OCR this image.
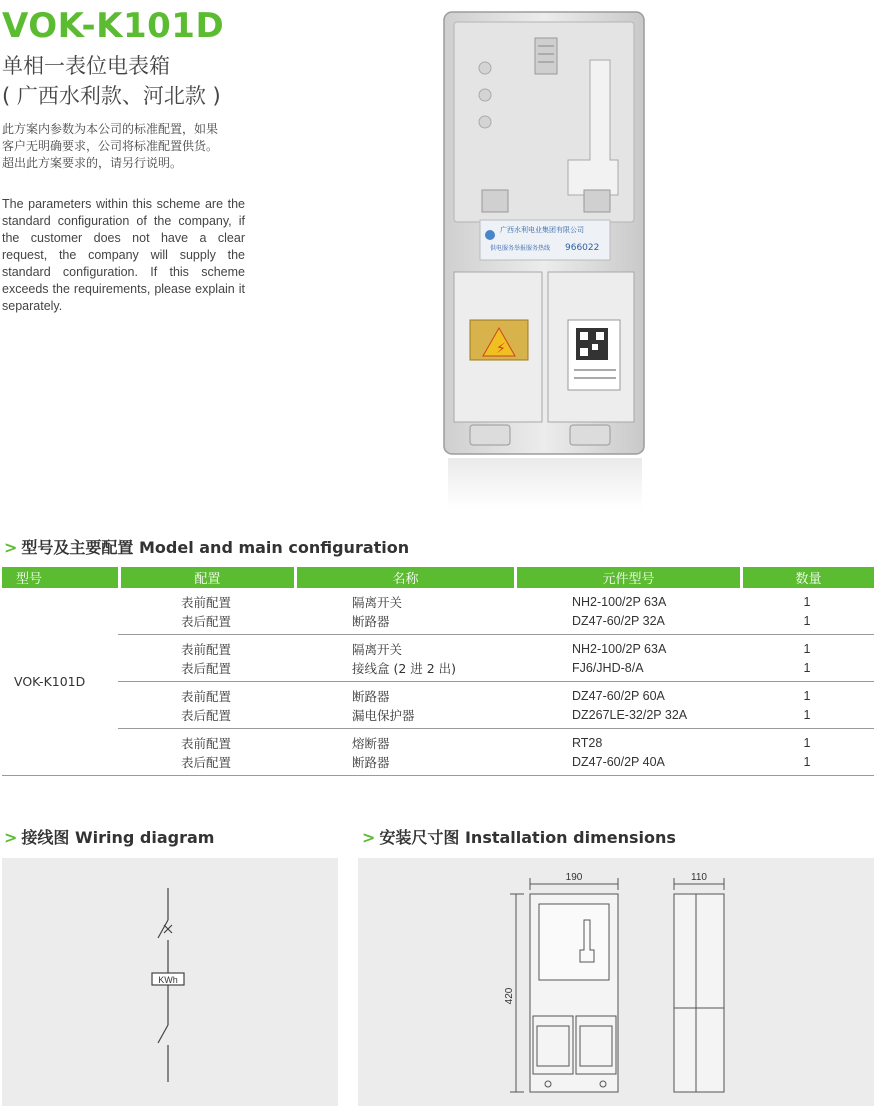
VOK-K101D
单相一表位电表箱
( 广西水利款、河北款 )
此方案内参数为本公司的标准配置，如果
客户无明确要求，公司将标准配置供货。
超出此方案要求的，请另行说明。
The parameters within this scheme are the standard configuration of the company, if the customer does not have a clear request, the company will supply the standard configuration. If this scheme exceeds the requirements, please explain it separately.
广西水利电业集团有限公司
供电服务举报服务热线 966022
⚡
> 型号及主要配置 Model and main configuration
型号	配置	名称	元件型号	数量
VOK-K101D	表前配置	隔离开关	NH2-100/2P 63A	1
	表后配置	断路器	DZ47-60/2P 32A	1
	表前配置	隔离开关	NH2-100/2P 63A	1
	表后配置	接线盒 (2 进 2 出)	FJ6/JHD-8/A	1
	表前配置	断路器	DZ47-60/2P 60A	1
	表后配置	漏电保护器	DZ267LE-32/2P 32A	1
	表前配置	熔断器	RT28	1
	表后配置	断路器	DZ47-60/2P 40A	1
> 接线图 Wiring diagram
KWh
> 安装尺寸图 Installation dimensions
190	110
420
